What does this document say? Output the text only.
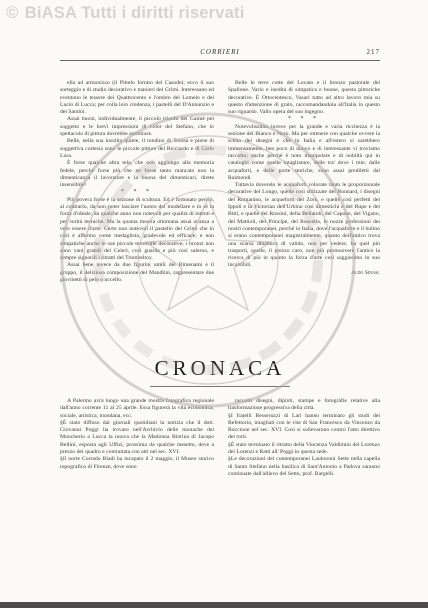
© BiASA Tutti i diritti riservati
CORRIERI	217

ella ad armonizzo (il Pittelo fornito del Casodei; ecco il suo sorteggio e di studio decorativo e manieri del Grimi. Interessano ed eventono le tessere dei Quattrocento e l'ombre del Lomelo e del Lucio di Lucca; per colla loro credenza, i pastelli del D'Annunzio e dei Santini.

Assai buoni, individualmente, il piccolo trionfo del Gaimè pel soggetto e le brevi impressioni di color del Stefano, che lo spettacolo di pittura dovrebbe ammirare.

Belle, nella sua insolita quiete, il tondino di Tolosa e piene di soggettiva cortesia sono le piccole pitture del Ricciardo e di Carlo Lura.

È forse qualche altra tela, che non aggiungo alla memoria fedele, perchè forse più che ne fosse tanto mancata non la dimenticanza il lavoratore e la buona del dimenticari, direte insensibile!

* * *

Più povera forse è la sezione di scultura. Ed è fortunato perciò, al contrario, da non poter lasciare l'uomo del modellare e in sé la forza d'ideale, da qualche anno non notevoli per qualità di intenti e per verità tecniche. Ma la quanta mostra ottomana assai avanza a vero essere d'arte. Certo non notevoli il pastello del Grimi che in così è affermo come medaglista, gradevole ed efficace; e non simpatiche anche le sue piccole terrecotte decorative; i bronzi non sono vani grandi del Celeri, così guarda e più così salerno, e sempre signorili i ritratti del Trombeltoy.

Assai bene invece da due figurini umili del Rimenami e il gruppo, il deliziosa composizione del Mandlini, rappresentare due giovinetti di pelo o uccello.

Belle le terre cotte del Lovato e il bronzo pastorale del Spallone. Vario e inedita di simpatica e buone, questa pittoriche decorative. È Ottocentesco, Vasari tutto ad altro lavoro mia su questo d'attenzione di grato, raccomandandola all'Italia in questo suo riguardo. Vallo opera del suo ingegno.

* * *

Notevolissima invece per la grande e varia ricchezza è la sezione del Bianco e Nero. Ma per ottenere con qualche ovvere la scelta dei disegni e che in Italia e all'estero si sarebbero immensamente, ben poco di nuovo e di interessante vi troviamo raccolto; anche perché è noto manipolare e di nobiltà qui in cataloghi come quelle intagliature, delle tra' dove i mie, dalle acquaforti, e delle porte storiche, sono assai prediletti dal Raimondi.

Tuttavia dovendo le acquaforti colorate tanto le proporzionale decorative del Longo, quelle così stilizzate del Bonnard, i disegni del Romanino, le acqueforti del Zorn, e quelle così perfetti del Ippoli e la Victorian dell'Urbino così dimestichi e del Rupe e del Bitti, e quelle del Rossini, della Bellatoli, del Capone, del Vigano, del Mattioli, del Principe, del Ruscello, le nozze professioni dei nostri contemporanei, perché in Italia, dove l'acquaforte e il bulino si erano contemporanei magistralmente, quanto dell'antico trova una scarsa dinamica di valido, non per vedere, ha quel più trasporti, quelle, il prezzo caro, non più promuovere l'antico la ricerca di più in quanto la forza d'arte così saggissimo in suo incalsibili.

Aldo Sinasi.

CRONACA

A Palermo avrà luogo una grande mostra fotografica regionale dall'anno corrente 11 al 25 aprile. Essa figurerà la vita economica, sociale, artistica, mondana, ecc.

§ È stato diffuso dai giornali quotidiani la notizia che il dott. Giovanni Poggi ha trovato nell'Archivio delle monache del Moncherio a Lucca la nuova che la Madonna Biorina di Jacopo Bellini, esposta agli Uffizi, prossima da qualche mesetto, deve a prezzo del quadro e contrattata con atti nel sec. XVI.

§ Il norte Corrado Biadi ha incapato il 2 maggio, il Museo storico topografico di Firenze, dove sono

raccolti disegni, dipinti, stampe e fotografie relative alla trasformazione progressiva della città.

§ I fratelli Besseruzzi di Lari hanno terminato gli studi del Refettorio, intagliati con le vite di San Francesco da Vincenzo da Ruccione nel sec. XVI. Così si sollevarono contro l'atto direttivo dei torti.

§ È stato terminato il ritratto della Vincenza Valdimini del Lorenzo dei Lorenzi e Ratti all' Poggi in questa sede.

§ Le decorazioni dei contemporanei Lauboroni Sette nella capella di Santo Stefano nella basilica di Sant'Antonio a Padova saranno continuate dall'allievo del Setto, prof. Bargelli.
